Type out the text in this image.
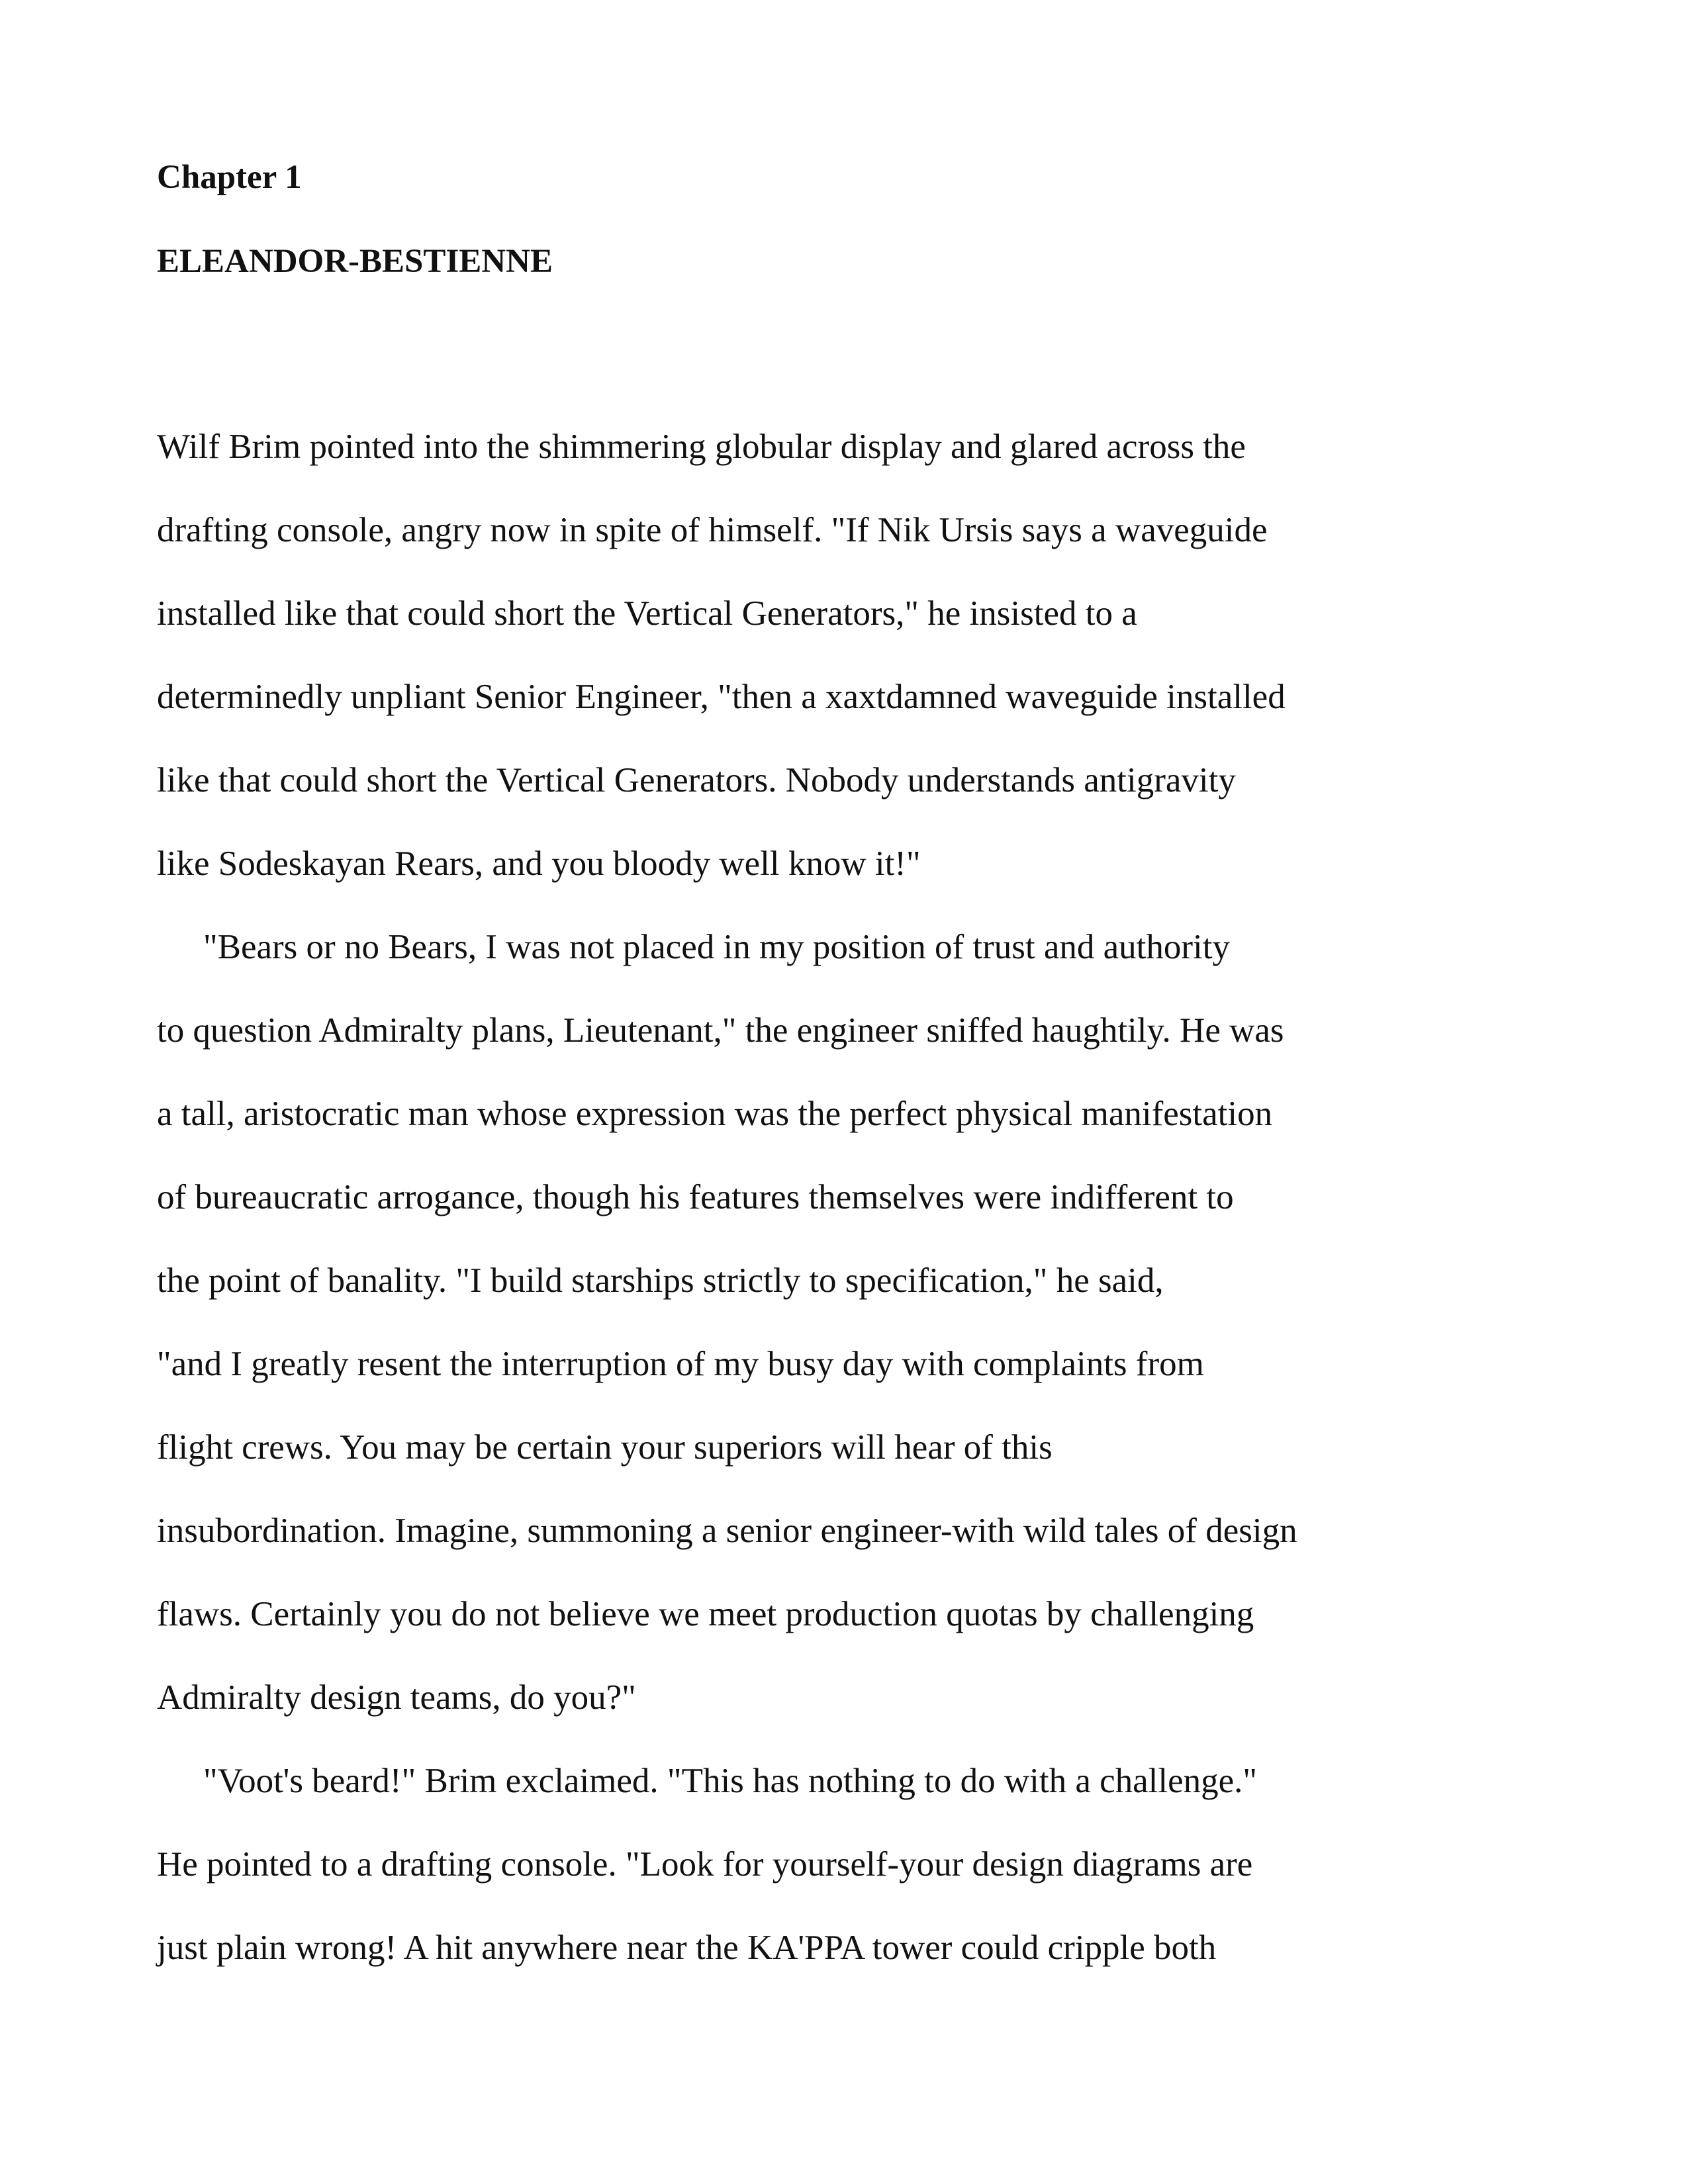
Chapter 1
ELEANDOR-BESTIENNE
Wilf Brim pointed into the shimmering globular display and glared across the
drafting console, angry now in spite of himself. "If Nik Ursis says a waveguide
installed like that could short the Vertical Generators," he insisted to a
determinedly unpliant Senior Engineer, "then a xaxtdamned waveguide installed
like that could short the Vertical Generators. Nobody understands antigravity
like Sodeskayan Rears, and you bloody well know it!"
"Bears or no Bears, I was not placed in my position of trust and authority
to question Admiralty plans, Lieutenant," the engineer sniffed haughtily. He was
a tall, aristocratic man whose expression was the perfect physical manifestation
of bureaucratic arrogance, though his features themselves were indifferent to
the point of banality. "I build starships strictly to specification," he said,
"and I greatly resent the interruption of my busy day with complaints from
flight crews. You may be certain your superiors will hear of this
insubordination. Imagine, summoning a senior engineer-with wild tales of design
flaws. Certainly you do not believe we meet production quotas by challenging
Admiralty design teams, do you?"
"Voot's beard!" Brim exclaimed. "This has nothing to do with a challenge."
He pointed to a drafting console. "Look for yourself-your design diagrams are
just plain wrong! A hit anywhere near the KA'PPA tower could cripple both
